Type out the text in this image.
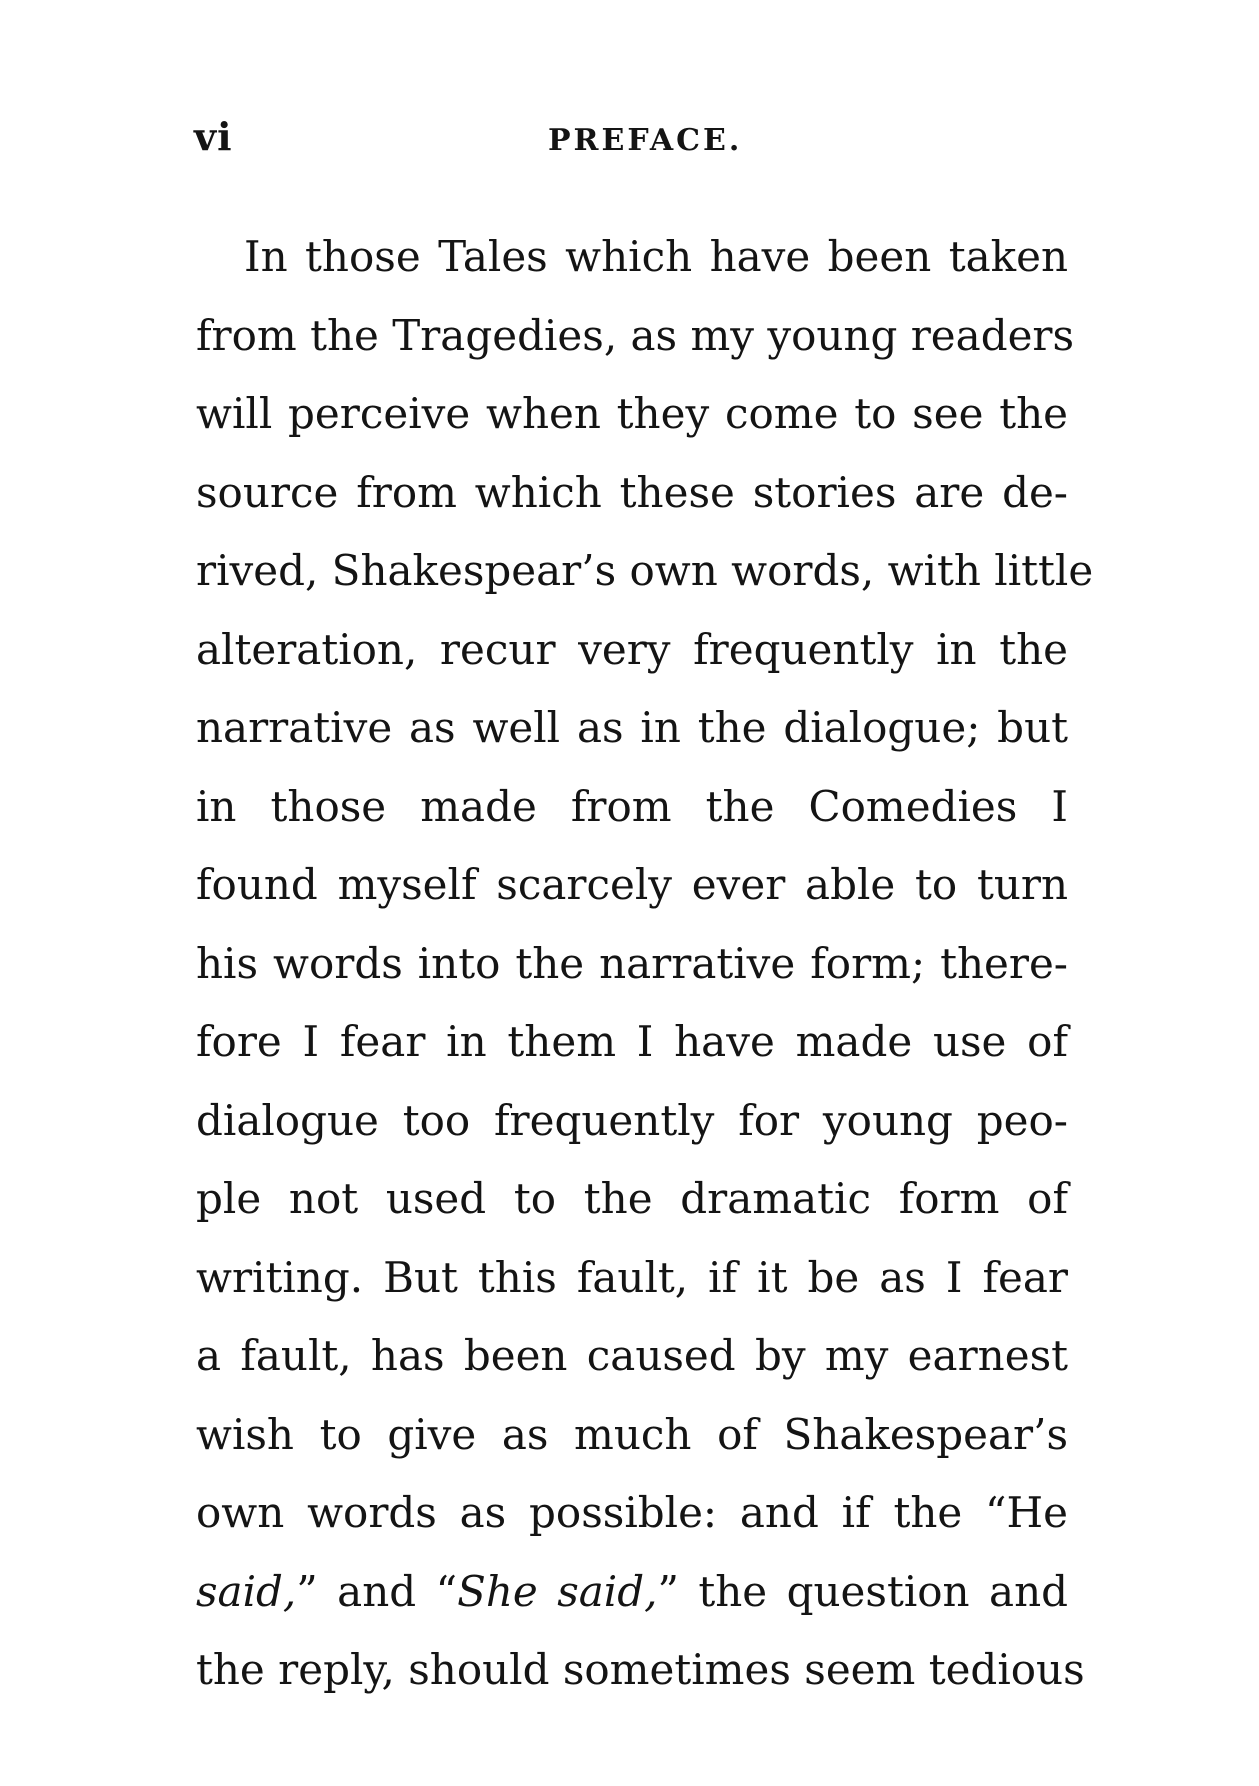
vi	PREFACE.
In those Tales which have been taken
from the Tragedies, as my young readers
will perceive when they come to see the
source from which these stories are de-
rived, Shakespear’s own words, with little
alteration, recur very frequently in the
narrative as well as in the dialogue; but
in those made from the Comedies I
found myself scarcely ever able to turn
his words into the narrative form; there-
fore I fear in them I have made use of
dialogue too frequently for young peo-
ple not used to the dramatic form of
writing. But this fault, if it be as I fear
a fault, has been caused by my earnest
wish to give as much of Shakespear’s
own words as possible: and if the “He
said,” and “She said,” the question and
the reply, should sometimes seem tedious
